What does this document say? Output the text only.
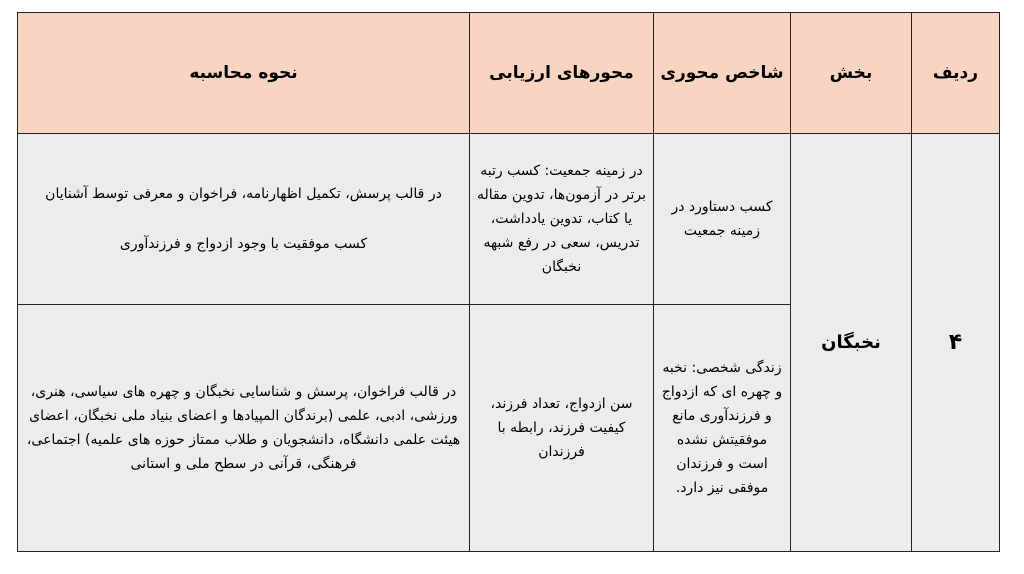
ردیف	بخش	شاخص محوری	محورهای ارزیابی	نحوه محاسبه
۴	نخبگان	کسب دستاورد در زمینه جمعیت	در زمینه جمعیت: کسب رتبه برتر در آزمون‌ها، تدوین مقاله یا کتاب، تدوین یادداشت، تدریس، سعی در رفع شبهه نخبگان	در قالب پرسش، تکمیل اظهارنامه، فراخوان و معرفی توسط آشنایان
کسب موفقیت با وجود ازدواج و فرزندآوری

		زندگی شخصی: نخبه و چهره ای که ازدواج و فرزندآوری مانع موفقیتش نشده است و فرزندان موفقی نیز دارد.	سن ازدواج، تعداد فرزند، کیفیت فرزند، رابطه با فرزندان	در قالب فراخوان، پرسش و شناسایی نخبگان و چهره های سیاسی، هنری، ورزشی، ادبی، علمی (برندگان المپیادها و اعضای بنیاد ملی نخبگان، اعضای هیئت علمی دانشگاه، دانشجویان و طلاب ممتاز حوزه های علمیه) اجتماعی، فرهنگی، قرآنی در سطح ملی و استانی
